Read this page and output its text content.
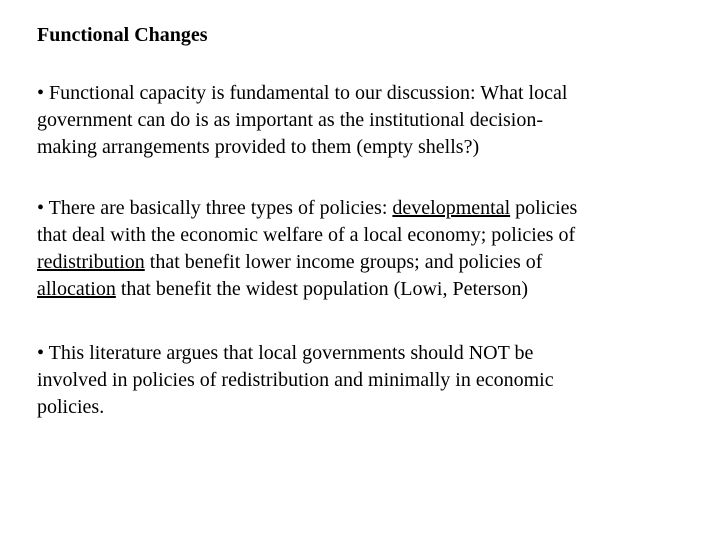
Functional Changes
• Functional capacity is fundamental to our discussion: What local
government can do is as important as the institutional decision-
making arrangements provided to them (empty shells?)
• There are basically three types of policies: developmental policies
that deal with the economic welfare of a local economy; policies of
redistribution that benefit lower income groups; and policies of
allocation that benefit the widest population (Lowi, Peterson)
• This literature argues that local governments should NOT be
involved in policies of redistribution and minimally in economic
policies.
